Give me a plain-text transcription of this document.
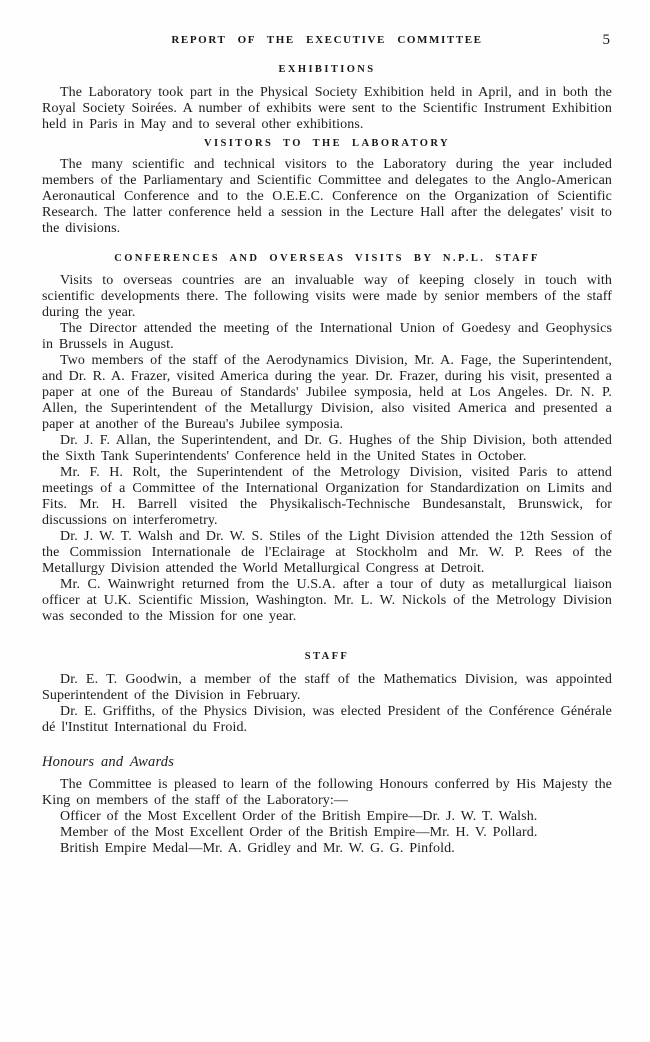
REPORT OF THE EXECUTIVE COMMITTEE	5
EXHIBITIONS

The Laboratory took part in the Physical Society Exhibition held in April, and in both the Royal Society Soirées. A number of exhibits were sent to the Scientific Instrument Exhibition held in Paris in May and to several other exhibitions.

VISITORS TO THE LABORATORY

The many scientific and technical visitors to the Laboratory during the year included members of the Parliamentary and Scientific Committee and delegates to the Anglo-American Aeronautical Conference and to the O.E.E.C. Conference on the Organization of Scientific Research. The latter conference held a session in the Lecture Hall after the delegates' visit to the divisions.

CONFERENCES AND OVERSEAS VISITS BY N.P.L. STAFF

Visits to overseas countries are an invaluable way of keeping closely in touch with scientific developments there. The following visits were made by senior members of the staff during the year.

The Director attended the meeting of the International Union of Goedesy and Geophysics in Brussels in August.

Two members of the staff of the Aerodynamics Division, Mr. A. Fage, the Superintendent, and Dr. R. A. Frazer, visited America during the year. Dr. Frazer, during his visit, presented a paper at one of the Bureau of Standards' Jubilee symposia, held at Los Angeles. Dr. N. P. Allen, the Superintendent of the Metallurgy Division, also visited America and presented a paper at another of the Bureau's Jubilee symposia.

Dr. J. F. Allan, the Superintendent, and Dr. G. Hughes of the Ship Division, both attended the Sixth Tank Superintendents' Conference held in the United States in October.

Mr. F. H. Rolt, the Superintendent of the Metrology Division, visited Paris to attend meetings of a Committee of the International Organization for Standardization on Limits and Fits. Mr. H. Barrell visited the Physikalisch-Technische Bundesanstalt, Brunswick, for discussions on interferometry.

Dr. J. W. T. Walsh and Dr. W. S. Stiles of the Light Division attended the 12th Session of the Commission Internationale de l'Eclairage at Stockholm and Mr. W. P. Rees of the Metallurgy Division attended the World Metallurgical Congress at Detroit.

Mr. C. Wainwright returned from the U.S.A. after a tour of duty as metallurgical liaison officer at U.K. Scientific Mission, Washington. Mr. L. W. Nickols of the Metrology Division was seconded to the Mission for one year.

STAFF

Dr. E. T. Goodwin, a member of the staff of the Mathematics Division, was appointed Superintendent of the Division in February.

Dr. E. Griffiths, of the Physics Division, was elected President of the Conférence Générale dé l'Institut International du Froid.

Honours and Awards

The Committee is pleased to learn of the following Honours conferred by His Majesty the King on members of the staff of the Laboratory:—

Officer of the Most Excellent Order of the British Empire—Dr. J. W. T. Walsh.

Member of the Most Excellent Order of the British Empire—Mr. H. V. Pollard.

British Empire Medal—Mr. A. Gridley and Mr. W. G. G. Pinfold.
